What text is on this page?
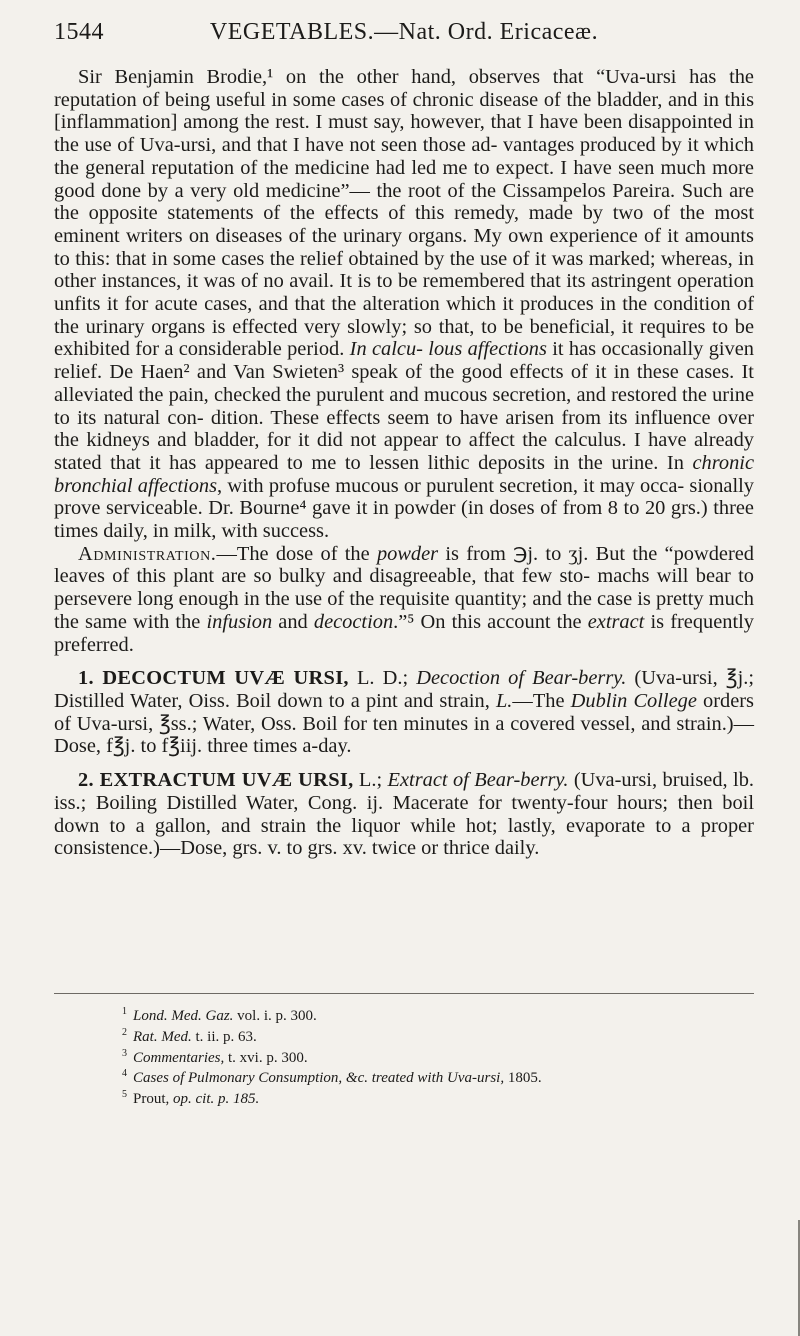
1544	VEGETABLES.—Nat. Ord. Ericaceæ.

Sir Benjamin Brodie,¹ on the other hand, observes that “Uva-ursi has the reputation of being useful in some cases of chronic disease of the bladder, and in this [inflammation] among the rest. I must say, however, that I have been disappointed in the use of Uva-ursi, and that I have not seen those ad- vantages produced by it which the general reputation of the medicine had led me to expect. I have seen much more good done by a very old medicine”— the root of the Cissampelos Pareira. Such are the opposite statements of the effects of this remedy, made by two of the most eminent writers on diseases of the urinary organs. My own experience of it amounts to this: that in some cases the relief obtained by the use of it was marked; whereas, in other instances, it was of no avail. It is to be remembered that its astringent operation unfits it for acute cases, and that the alteration which it produces in the condition of the urinary organs is effected very slowly; so that, to be beneficial, it requires to be exhibited for a considerable period. In calcu- lous affections it has occasionally given relief. De Haen² and Van Swieten³ speak of the good effects of it in these cases. It alleviated the pain, checked the purulent and mucous secretion, and restored the urine to its natural con- dition. These effects seem to have arisen from its influence over the kidneys and bladder, for it did not appear to affect the calculus. I have already stated that it has appeared to me to lessen lithic deposits in the urine. In chronic bronchial affections, with profuse mucous or purulent secretion, it may occa- sionally prove serviceable. Dr. Bourne⁴ gave it in powder (in doses of from 8 to 20 grs.) three times daily, in milk, with success.

Administration.—The dose of the powder is from ℈j. to ʒj. But the “powdered leaves of this plant are so bulky and disagreeable, that few sto- machs will bear to persevere long enough in the use of the requisite quantity; and the case is pretty much the same with the infusion and decoction.”⁵ On this account the extract is frequently preferred.

1. DECOCTUM UVÆ URSI, L. D.; Decoction of Bear-berry. (Uva-ursi, ℥j.; Distilled Water, Oiss. Boil down to a pint and strain, L.—The Dublin College orders of Uva-ursi, ℥ss.; Water, Oss. Boil for ten minutes in a covered vessel, and strain.)—Dose, f℥j. to f℥iij. three times a-day.

2. EXTRACTUM UVÆ URSI, L.; Extract of Bear-berry. (Uva-ursi, bruised, lb. iss.; Boiling Distilled Water, Cong. ij. Macerate for twenty-four hours; then boil down to a gallon, and strain the liquor while hot; lastly, evaporate to a proper consistence.)—Dose, grs. v. to grs. xv. twice or thrice daily.

$^1$ Lond. Med. Gaz. vol. i. p. 300.
$^2$ Rat. Med. t. ii. p. 63.
$^3$ Commentaries, t. xvi. p. 300.
$^4$ Cases of Pulmonary Consumption, &c. treated with Uva-ursi, 1805.
$^5$ Prout, op. cit. p. 185.
